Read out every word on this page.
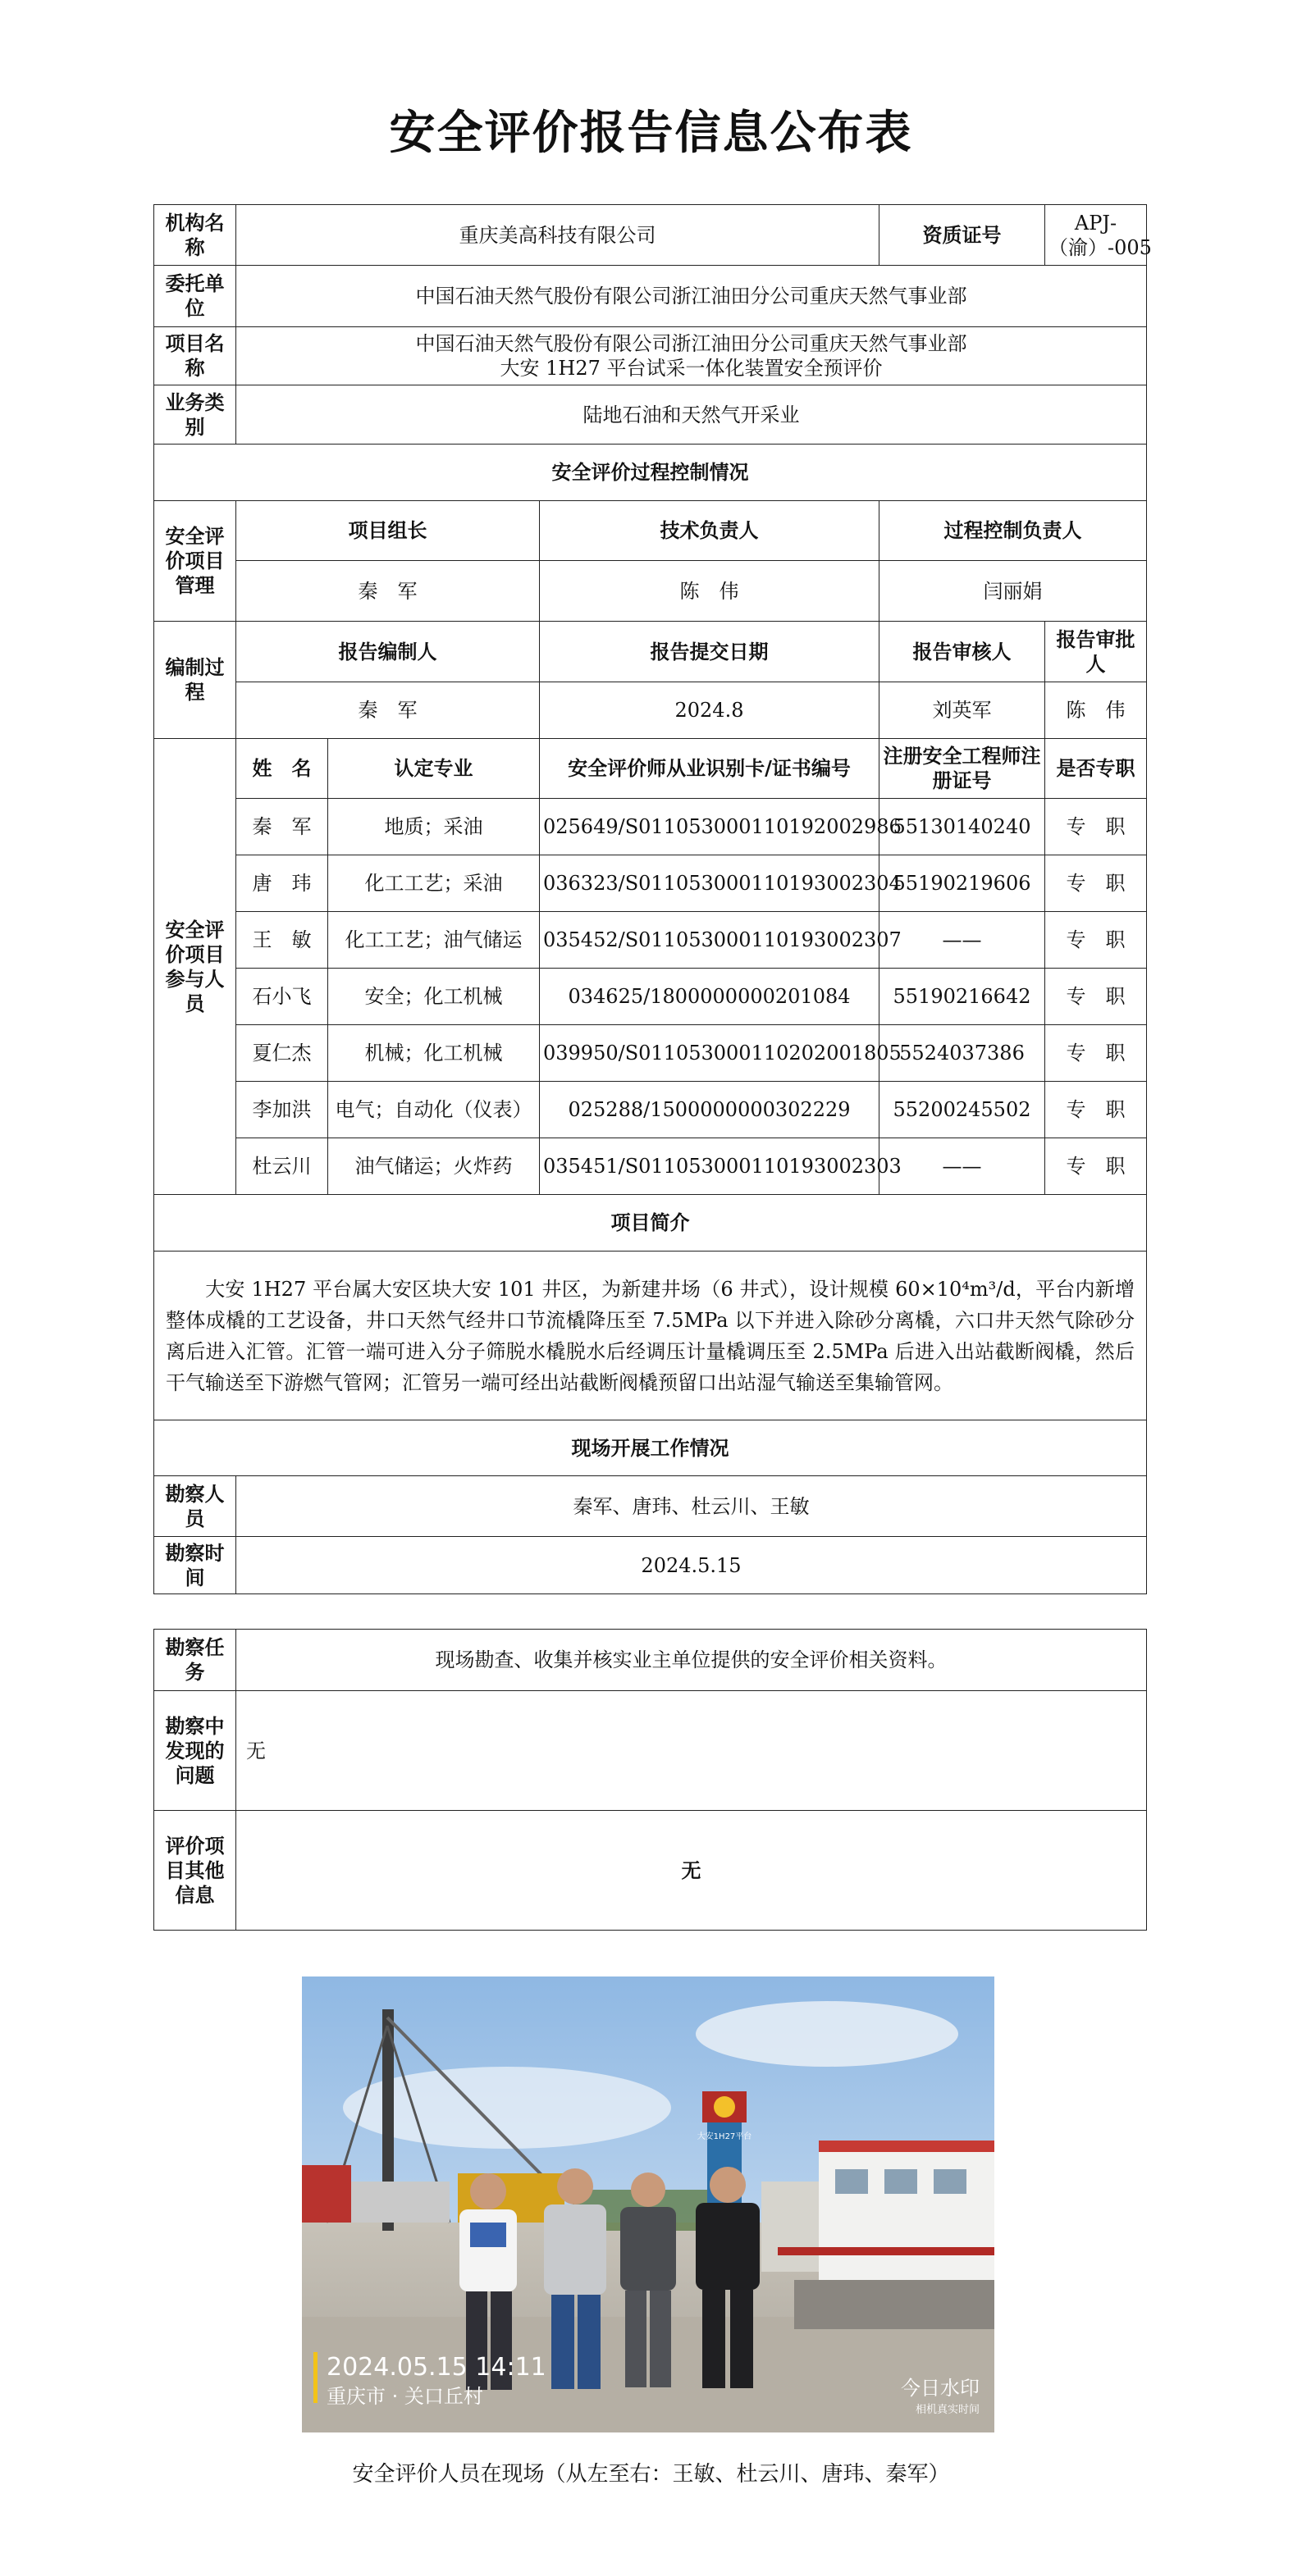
安全评价报告信息公布表
机构名称	重庆美高科技有限公司			资质证号	APJ-（渝）-005
委托单位	中国石油天然气股份有限公司浙江油田分公司重庆天然气事业部				
项目名称	中国石油天然气股份有限公司浙江油田分公司重庆天然气事业部
大安 1H27 平台试采一体化装置安全预评价				

业务类别	陆地石油和天然气开采业				
安全评价过程控制情况					
安全评价项目管理	项目组长		技术负责人	过程控制负责人	
	秦　军		陈　伟	闫丽娟	
编制过程	报告编制人		报告提交日期	报告审核人	报告审批人
	秦　军		2024.8	刘英军	陈　伟
安全评价项目参与人员	姓　名	认定专业	安全评价师从业识别卡/证书编号	注册安全工程师注册证号	是否专职
	秦　军	地质；采油	025649/S011053000110192002986	55130140240	专　职
	唐　玮	化工工艺；采油	036323/S011053000110193002304	55190219606	专　职
	王　敏	化工工艺；油气储运	035452/S011053000110193002307	——	专　职
	石小飞	安全；化工机械	034625/1800000000201084	55190216642	专　职
	夏仁杰	机械；化工机械	039950/S011053000110202001805	5524037386	专　职
	李加洪	电气；自动化（仪表）	025288/1500000000302229	55200245502	专　职
	杜云川	油气储运；火炸药	035451/S011053000110193002303	——	专　职
项目简介					
大安 1H27 平台属大安区块大安 101 井区，为新建井场（6 井式），设计规模 60×10⁴m³/d，平台内新增整体成橇的工艺设备，井口天然气经井口节流橇降压至 7.5MPa 以下并进入除砂分离橇，六口井天然气除砂分离后进入汇管。汇管一端可进入分子筛脱水橇脱水后经调压计量橇调压至 2.5MPa 后进入出站截断阀橇，然后干气输送至下游燃气管网；汇管另一端可经出站截断阀橇预留口出站湿气输送至集输管网。					
现场开展工作情况					
勘察人员	秦军、唐玮、杜云川、王敏				
勘察时间	2024.5.15				
勘察任务	现场勘查、收集并核实业主单位提供的安全评价相关资料。
勘察中发现的问题	无
评价项目其他信息	无
大安1H27平台
2024.05.15 14:11
重庆市 · 关口丘村	今日水印
相机真实时间
安全评价人员在现场（从左至右：王敏、杜云川、唐玮、秦军）
